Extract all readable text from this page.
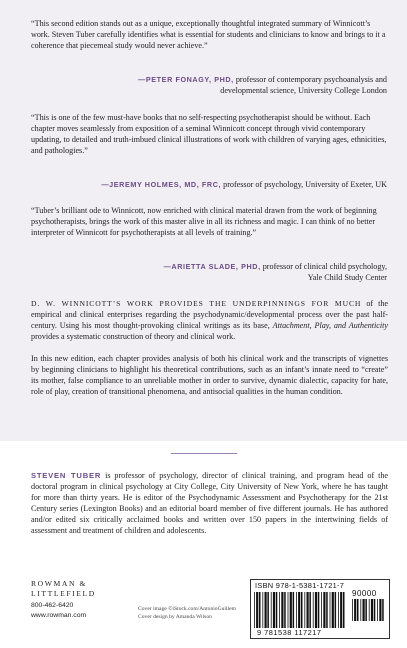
“This second edition stands out as a unique, exceptionally thoughtful integrated summary of Winnicott’s work. Steven Tuber carefully identifies what is essential for students and clinicians to know and brings to it a coherence that piecemeal study would never achieve.”

—PETER FONAGY, PHD, professor of contemporary psychoanalysis and
developmental science, University College London

“This is one of the few must-have books that no self-respecting psychotherapist should be without. Each chapter moves seamlessly from exposition of a seminal Winnicott concept through vivid contemporary updating, to detailed and truth-imbued clinical illustrations of work with children of varying ages, ethnicities, and pathologies.”

—JEREMY HOLMES, MD, FRC, professor of psychology, University of Exeter, UK

“Tuber’s brilliant ode to Winnicott, now enriched with clinical material drawn from the work of beginning psychotherapists, brings the work of this master alive in all its richness and magic. I can think of no better interpreter of Winnicott for psychotherapists at all levels of training.”

—ARIETTA SLADE, PHD, professor of clinical child psychology,
Yale Child Study Center

D. W. WINNICOTT’S WORK PROVIDES THE UNDERPINNINGS FOR MUCH of the empirical and clinical enterprises regarding the psychodynamic/developmental process over the past half-century. Using his most thought-provoking clinical writings as its base, Attachment, Play, and Authenticity provides a systematic construction of theory and clinical work.

In this new edition, each chapter provides analysis of both his clinical work and the transcripts of vignettes by beginning clinicians to highlight his theoretical contributions, such as an infant’s innate need to “create” its mother, false compliance to an unreliable mother in order to survive, dynamic dialectic, capacity for hate, role of play, creation of transitional phenomena, and antisocial qualities in the human condition.

STEVEN TUBER is professor of psychology, director of clinical training, and program head of the doctoral program in clinical psychology at City College, City University of New York, where he has taught for more than thirty years. He is editor of the Psychodynamic Assessment and Psychotherapy for the 21st Century series (Lexington Books) and an editorial board member of five different journals. He has authored and/or edited six critically acclaimed books and written over 150 papers in the intertwining fields of assessment and treatment of children and adolescents.

ROWMAN &
LITTLEFIELD
800-462-6420
www.rowman.com
Cover image ©iStock.com/AntonioGuillem
Cover design by Amanda Wilson
ISBN 978-1-5381-1721-7
90000
9 781538 117217
